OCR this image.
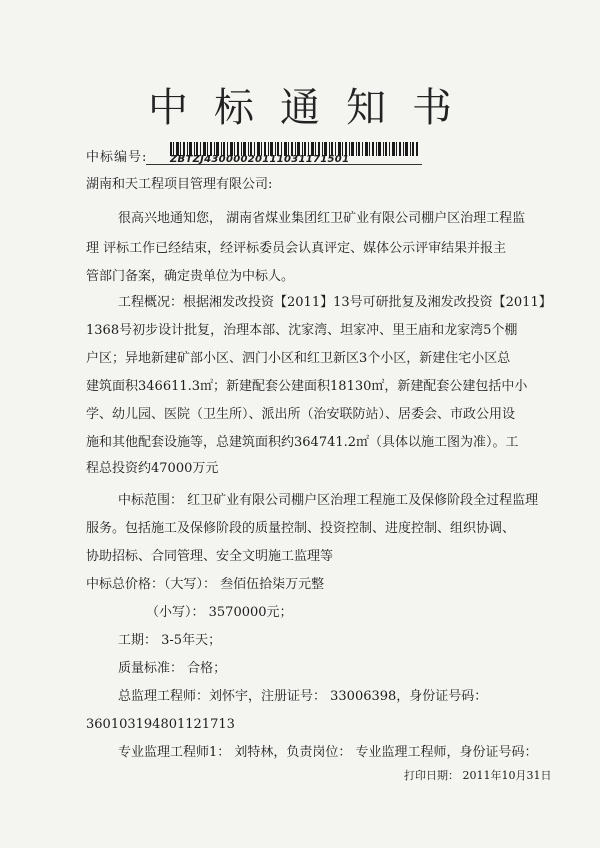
中标通知书
中标编号: ZBTZJ43000020111031171501
湖南和天工程项目管理有限公司:
很高兴地通知您， 湖南省煤业集团红卫矿业有限公司棚户区治理工程监
理 评标工作已经结束，经评标委员会认真评定、媒体公示评审结果并报主
管部门备案，确定贵单位为中标人。
工程概况：根据湘发改投资【2011】13号可研批复及湘发改投资【2011】
1368号初步设计批复，治理本部、沈家湾、坦家冲、里王庙和龙家湾5个棚
户区；异地新建矿部小区、泗门小区和红卫新区3个小区，新建住宅小区总
建筑面积346611.3㎡；新建配套公建面积18130㎡，新建配套公建包括中小
学、幼儿园、医院（卫生所）、派出所（治安联防站）、居委会、市政公用设
施和其他配套设施等，总建筑面积约364741.2㎡（具体以施工图为准）。工
程总投资约47000万元
中标范围： 红卫矿业有限公司棚户区治理工程施工及保修阶段全过程监理
服务。包括施工及保修阶段的质量控制、投资控制、进度控制、组织协调、
协助招标、合同管理、安全文明施工监理等
中标总价格：（大写）： 叁佰伍拾柒万元整
（小写）： 3570000元；
工期： 3-5年天；
质量标准： 合格；
总监理工程师：刘怀宇，注册证号： 33006398，身份证号码：
360103194801121713
专业监理工程师1： 刘特林，负责岗位： 专业监理工程师，身份证号码：
打印日期： 2011年10月31日
